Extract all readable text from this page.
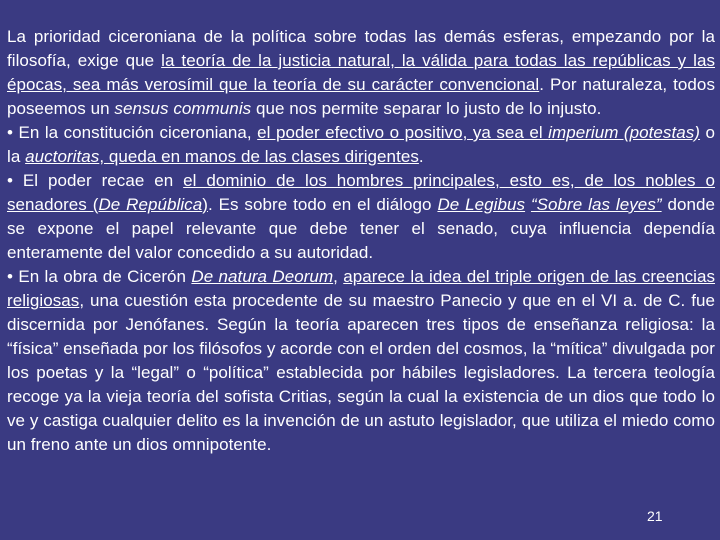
La prioridad ciceroniana de la política sobre todas las demás esferas, empezando por la filosofía, exige que la teoría de la justicia natural, la válida para todas las repúblicas y las épocas, sea más verosímil que la teoría de su carácter convencional. Por naturaleza, todos poseemos un sensus communis que nos permite separar lo justo de lo injusto.

• En la constitución ciceroniana, el poder efectivo o positivo, ya sea el imperium (potestas) o la auctoritas, queda en manos de las clases dirigentes.

• El poder recae en el dominio de los hombres principales, esto es, de los nobles o senadores (De República). Es sobre todo en el diálogo De Legibus “Sobre las leyes” donde se expone el papel relevante que debe tener el senado, cuya influencia dependía enteramente del valor concedido a su autoridad.

• En la obra de Cicerón De natura Deorum, aparece la idea del triple origen de las creencias religiosas, una cuestión esta procedente de su maestro Panecio y que en el VI a. de C. fue discernida por Jenófanes. Según la teoría aparecen tres tipos de enseñanza religiosa: la “física” enseñada por los filósofos y acorde con el orden del cosmos, la “mítica” divulgada por los poetas y la “legal” o “política” establecida por hábiles legisladores. La tercera teología recoge ya la vieja teoría del sofista Critias, según la cual la existencia de un dios que todo lo ve y castiga cualquier delito es la invención de un astuto legislador, que utiliza el miedo como un freno ante un dios omnipotente.

21
